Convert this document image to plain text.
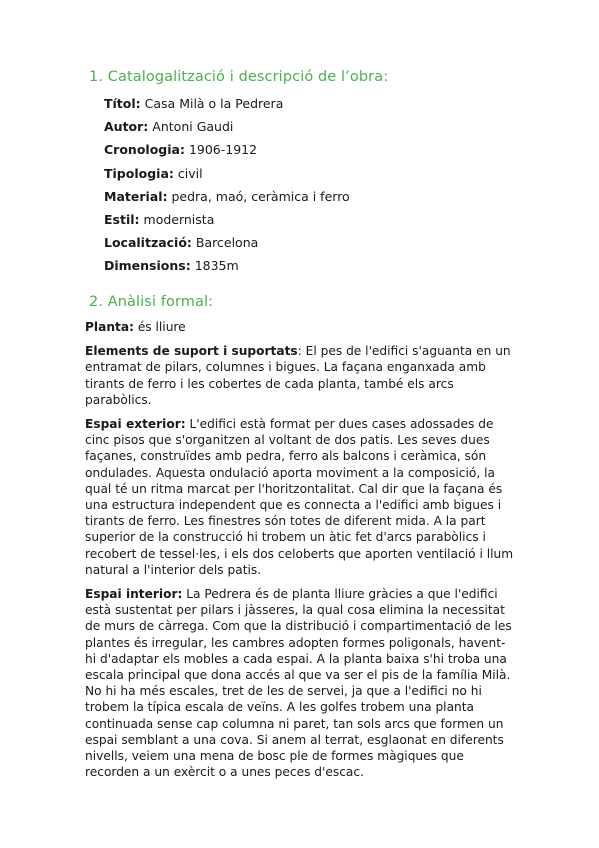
1. Catalogalització i descripció de l’obra:
Títol: Casa Milà o la Pedrera
Autor: Antoni Gaudi
Cronologia: 1906-1912
Tipologia: civil
Material: pedra, maó, ceràmica i ferro
Estil: modernista
Localització: Barcelona
Dimensions: 1835m
2. Anàlisi formal:

Planta: és lliure

Elements de suport i suportats: El pes de l'edifici s'aguanta en un entramat de pilars, columnes i bigues. La façana enganxada amb tirants de ferro i les cobertes de cada planta, també els arcs parabòlics.

Espai exterior: L'edifici està format per dues cases adossades de cinc pisos que s'organitzen al voltant de dos patis. Les seves dues façanes, construïdes amb pedra, ferro als balcons i ceràmica, són ondulades. Aquesta ondulació aporta moviment a la composició, la qual té un ritma marcat per l'horitzontalitat. Cal dir que la façana és una estructura independent que es connecta a l'edifici amb bigues i tirants de ferro. Les finestres són totes de diferent mida. A la part superior de la construcció hi trobem un àtic fet d'arcs parabòlics i recobert de tessel·les, i els dos celoberts que aporten ventilació i llum natural a l'interior dels patis.

Espai interior: La Pedrera és de planta lliure gràcies a que l'edifici està sustentat per pilars i jàsseres, la qual cosa elimina la necessitat de murs de càrrega. Com que la distribució i compartimentació de les plantes és irregular, les cambres adopten formes poligonals, havent-hi d'adaptar els mobles a cada espai. A la planta baixa s'hi troba una escala principal que dona accés al que va ser el pis de la família Milà. No hi ha més escales, tret de les de servei, ja que a l'edifici no hi trobem la típica escala de veïns. A les golfes trobem una planta continuada sense cap columna ni paret, tan sols arcs que formen un espai semblant a una cova. Si anem al terrat, esglaonat en diferents nivells, veiem una mena de bosc ple de formes màgiques que recorden a un exèrcit o a unes peces d'escac.
